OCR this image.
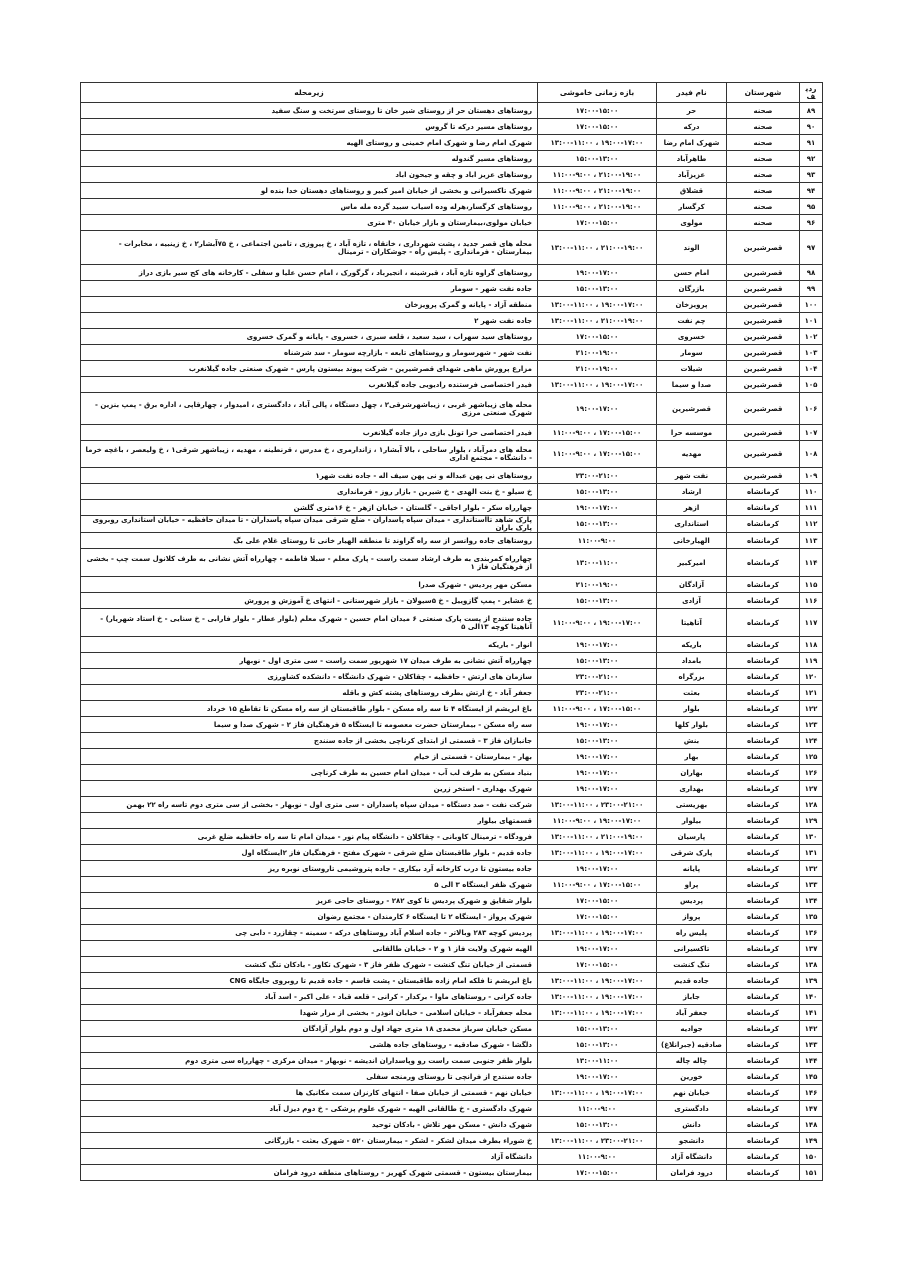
ردیف	شهرستان	نام فیدر	بازه زمانی خاموشی	زیرمحله
۸۹	صحنه	حر	۱۷:۰۰-۱۵:۰۰	روستاهای دهستان حر از روستای شیر خان تا روستای سرتخت و سنگ سفید
۹۰	صحنه	درکه	۱۷:۰۰-۱۵:۰۰	روستاهای مسیر درکه تا گروس
۹۱	صحنه	شهرک امام رضا	۱۹:۰۰-۱۷:۰۰ ، ۱۳:۰۰-۱۱:۰۰	شهرک امام رضا و شهرک امام خمینی و روستای الهیه
۹۲	صحنه	طاهرآباد	۱۵:۰۰-۱۳:۰۰	روستاهای مسیر گندوله
۹۳	صحنه	عزیزآباد	۲۱:۰۰-۱۹:۰۰ ، ۱۱:۰۰-۹:۰۰	روستاهای عزیز اباد و چقه و جیحون اباد
۹۴	صحنه	قشلاق	۲۱:۰۰-۱۹:۰۰ ، ۱۱:۰۰-۹:۰۰	شهرک تاکسیرانی و بخشی از خیابان امیر کبیر و روستاهای دهستان خدا بنده لو
۹۵	صحنه	کرگسار	۲۱:۰۰-۱۹:۰۰ ، ۱۱:۰۰-۹:۰۰	روستاهای کرگسار،هرله وده اسیاب سبید گرده مله ماس
۹۶	صحنه	مولوی	۱۷:۰۰-۱۵:۰۰	خیابان مولوی،بیمارستان و بازار خیابان ۴۰ متری
۹۷	قصرشیرین	الوند	۲۱:۰۰-۱۹:۰۰ ، ۱۳:۰۰-۱۱:۰۰	محله های قصر جدید ، پشت شهرداری ، خانقاه ، تازه آباد ، خ پیروزی ، تامین اجتماعی ، خ ۷۵آبشار۲ ، خ زینبیه ، مخابرات - بیمارستان - فرمانداری - پلیس راه - جوشکاران - ترمینال
۹۸	قصرشیرین	امام حسن	۱۹:۰۰-۱۷:۰۰	روستاهای گراوه تازه آباد ، قبرشینه ، انجیرباد ، گرگورک ، امام حسن علیا و سفلی - کارخانه های کج سیر بازی دراز
۹۹	قصرشیرین	بازرگان	۱۵:۰۰-۱۳:۰۰	جاده نفت شهر - سومار
۱۰۰	قصرشیرین	پرویزخان	۱۹:۰۰-۱۷:۰۰ ، ۱۳:۰۰-۱۱:۰۰	منطقه آزاد - پایانه و گمرک پرویزخان
۱۰۱	قصرشیرین	چم نفت	۲۱:۰۰-۱۹:۰۰ ، ۱۳:۰۰-۱۱:۰۰	جاده نفت شهر ۲
۱۰۲	قصرشیرین	خسروی	۱۷:۰۰-۱۵:۰۰	روستاهای سید سهراب ، سید سعید ، قلعه سبزی ، خسروی - پایانه و گمرک خسروی
۱۰۳	قصرشیرین	سومار	۲۱:۰۰-۱۹:۰۰	نفت شهر - شهرسومار و روستاهای تابعه - بازارچه سومار - سد شرشناه
۱۰۴	قصرشیرین	شیلات	۲۱:۰۰-۱۹:۰۰	مزارع پرورش ماهی شهدای قصرشیرین - شرکت پیوند بیستون پارس - شهرک صنعتی جاده گیلانغرب
۱۰۵	قصرشیرین	صدا و سیما	۱۹:۰۰-۱۷:۰۰ ، ۱۳:۰۰-۱۱:۰۰	فیدر اختصاصی فرستنده رادیویی جاده گیلانغرب
۱۰۶	قصرشیرین	قصرشیرین	۱۹:۰۰-۱۷:۰۰	محله های زیباشهر غربی ، زیباشهرشرقی۲ ، چهل دستگاه ، پالی آباد ، دادگستری ، امیدوار ، چهارقاپی ، اداره برق - پمپ بنزین - شهرک صنعتی مرزی
۱۰۷	قصرشیرین	موسسه حرا	۱۷:۰۰-۱۵:۰۰ ، ۱۱:۰۰-۹:۰۰	فیدر اختصاصی حرا تونل بازی دراز جاده گیلانغرب
۱۰۸	قصرشیرین	مهدیه	۱۷:۰۰-۱۵:۰۰ ، ۱۱:۰۰-۹:۰۰	محله های دمرآباد ، بلوار ساحلی ، بالا آبشار۱ ، زاندارمری ، خ مدرس ، قرنطینه ، مهدیه ، زیباشهر شرقی۱ ، خ ولیعصر ، باغچه خرما - دانشگاه - مجتمع اداری
۱۰۹	قصرشیرین	نفت شهر	۲۳:۰۰-۲۱:۰۰	روستاهای نی پهن عبداله و نی پهن سیف اله - جاده نفت شهر۱
۱۱۰	کرمانشاه	ارشاد	۱۵:۰۰-۱۳:۰۰	خ سیلو - خ بنت الهدی - خ شیرین - بازار روز - فرمانداری
۱۱۱	کرمانشاه	ازهر	۱۹:۰۰-۱۷:۰۰	چهارراه سکر - بلوار اجاقی - گلستان - خیابان ازهر - خ ۱۶متری گلشن
۱۱۲	کرمانشاه	استانداری	۱۵:۰۰-۱۳:۰۰	پارک شاهد تااستانداری - میدان سپاه پاسداران - ضلع شرقی میدان سپاه پاسداران - تا میدان حافظیه - خیابان استانداری روبروی پارک باران
۱۱۳	کرمانشاه	الهیارخانی	۱۱:۰۰-۹:۰۰	روستاهای جاده روانسر از سه راه گراوند تا منطقه الهیار خانی تا روستای غلام علی بگ
۱۱۴	کرمانشاه	امیرکبیر	۱۳:۰۰-۱۱:۰۰	چهارراه کمربندی به طرف ارشاد سمت راست - پارک معلم - سبلا فاطمه - چهارراه آتش نشانی به طرف کلانول سمت چپ - بخشی از فرهنگیان فاز ۱
۱۱۵	کرمانشاه	آزادگان	۲۱:۰۰-۱۹:۰۰	مسکن مهر پردیس - شهرک صدرا
۱۱۶	کرمانشاه	آزادی	۱۵:۰۰-۱۳:۰۰	خ عشایر - پمپ گازوییل - خ ۵سیولان - بازار شهرستانی - انتهای خ آموزش و پرورش
۱۱۷	کرمانشاه	آتاهیتا	۱۹:۰۰-۱۷:۰۰ ، ۱۱:۰۰-۹:۰۰	جاده سنندج از پست پارک صنعتی ۶ میدان امام حسین - شهرک معلم (بلوار عطار - بلوار فارابی - خ سنایی - خ استاد شهریار) - آناهیتا کوچه ۱۳الی ۵
۱۱۸	کرمانشاه	باریکه	۱۹:۰۰-۱۷:۰۰	انوار - باریکه
۱۱۹	کرمانشاه	بامداد	۱۵:۰۰-۱۳:۰۰	چهارراه آتش نشانی به طرف میدان ۱۷ شهریور سمت راست - سی متری اول - نوبهار
۱۲۰	کرمانشاه	بزرگراه	۲۳:۰۰-۲۱:۰۰	سازمان های ارتش - حافظیه - چقاکلان - شهرک دانشگاه - دانشکده کشاورزی
۱۲۱	کرمانشاه	بعثت	۲۳:۰۰-۲۱:۰۰	جعفر آباد - خ ارتش بطرف روستاهای پشته کش و باقله
۱۲۲	کرمانشاه	بلوار	۱۷:۰۰-۱۵:۰۰ ، ۱۱:۰۰-۹:۰۰	باغ ابریشم از ایستگاه ۴ تا سه راه مسکن - بلوار طاقبستان از سه راه مسکن تا تقاطع ۱۵ خرداد
۱۲۳	کرمانشاه	بلوار کلها	۱۹:۰۰-۱۷:۰۰	سه راه مسکن - بیمارستان حضرت معصومه تا ایستگاه ۵ فرهنگیان فاز ۲ - شهرک صدا و سیما
۱۲۴	کرمانشاه	بنش	۱۵:۰۰-۱۳:۰۰	جانبازان فاز ۳ - قسمتی از ابتدای کرناچی بخشی از جاده سنندج
۱۲۵	کرمانشاه	بهار	۱۹:۰۰-۱۷:۰۰	بهار - بیمارستان - قسمتی از خیام
۱۲۶	کرمانشاه	بهاران	۱۹:۰۰-۱۷:۰۰	بنیاد مسکن به طرف لب آب - میدان امام حسین به طرف کرناچی
۱۲۷	کرمانشاه	بهداری	۱۹:۰۰-۱۷:۰۰	شهرک بهداری - استخر زرین
۱۲۸	کرمانشاه	بهزیستی	۲۳:۰۰-۲۱:۰۰ ، ۱۳:۰۰-۱۱:۰۰	شرکت نفت - صد دستگاه - میدان سپاه پاسداران - سی متری اول - نوبهار - بخشی از سی متری دوم تاسه راه ۲۲ بهمن
۱۲۹	کرمانشاه	بیلوار	۱۹:۰۰-۱۷:۰۰ ، ۱۱:۰۰-۹:۰۰	قسمتهای بیلوار
۱۳۰	کرمانشاه	پارسیان	۲۱:۰۰-۱۹:۰۰ ، ۱۳:۰۰-۱۱:۰۰	فرودگاه - ترمینال کاوبانی - چقاکلان - دانشگاه پیام نور - میدان امام تا سه راه حافظیه ضلع غربی
۱۳۱	کرمانشاه	پارک شرقی	۱۹:۰۰-۱۷:۰۰ ، ۱۳:۰۰-۱۱:۰۰	جاده قدیم - بلوار طاقبستان ضلع شرقی - شهرک مفتح - فرهنگیان فاز ۲ایستگاه اول
۱۳۲	کرمانشاه	پایانه	۱۹:۰۰-۱۷:۰۰	جاده بیستون تا درب کارخانه آرد بیکاری - جاده پتروشیمی تاروستای نوبره ریز
۱۳۳	کرمانشاه	پراو	۱۷:۰۰-۱۵:۰۰ ، ۱۱:۰۰-۹:۰۰	شهرک ظفر ایستگاه ۳ الی ۵
۱۳۴	کرمانشاه	پردیس	۱۷:۰۰-۱۵:۰۰	بلوار شقایق و شهرک پردیس تا کوی ۲۸۲ - روستای حاجی عزیز
۱۳۵	کرمانشاه	پرواز	۱۷:۰۰-۱۵:۰۰	شهرک پرواز - ایستگاه ۲ تا ایستگاه ۶ کارمندان - مجتمع رضوان
۱۳۶	کرمانشاه	پلیس راه	۱۹:۰۰-۱۷:۰۰ ، ۱۳:۰۰-۱۱:۰۰	پردیس کوچه ۲۸۳ وبالاتر - جاده اسلام آباد روستاهای درکه - سمینه - چقازرد - دابی چی
۱۳۷	کرمانشاه	تاکسیرانی	۱۹:۰۰-۱۷:۰۰	الهیه شهرک ولایت فاز ۱ و ۲ - خیابان طالقانی
۱۳۸	کرمانشاه	تنگ کنشت	۱۷:۰۰-۱۵:۰۰	قسمتی از خیابان تنگ کنشت - شهرک ظفر فاز ۳ - شهرک تکاور - بادکان تنگ کنشت
۱۳۹	کرمانشاه	جاده قدیم	۱۹:۰۰-۱۷:۰۰ ، ۱۳:۰۰-۱۱:۰۰	باغ ابریشم تا فلکه امام زاده طاقبستان - پشت قاسم - جاده قدیم تا روبروی جایگاه CNG
۱۴۰	کرمانشاه	جاباز	۱۹:۰۰-۱۷:۰۰ ، ۱۳:۰۰-۱۱:۰۰	جاده کرانی - روستاهای ماوا - برکدار - کرانی - قلعه قباد - علی اکبر - اسد آباد
۱۴۱	کرمانشاه	جعفر آباد	۱۹:۰۰-۱۷:۰۰ ، ۱۳:۰۰-۱۱:۰۰	محله جعفرآباد - خیابان اسلامی - خیابان انوذر - بخشی از مزار شهدا
۱۴۲	کرمانشاه	جوادیه	۱۵:۰۰-۱۳:۰۰	مسکن خیابان سرباز محمدی ۱۸ متری جهاد اول و دوم بلوار آزادگان
۱۴۳	کرمانشاه	صادقیه (جبرانلاغ)	۱۵:۰۰-۱۳:۰۰	دلگشا - شهرک صادقیه - روستاهای جاده هلشی
۱۴۴	کرمانشاه	چاله چاله	۱۳:۰۰-۱۱:۰۰	بلوار ظفر جنوبی سمت راست رو وپاسداران اندیشه - نوبهار - میدان مرکزی - چهارراه سی متری دوم
۱۴۵	کرمانشاه	خورین	۱۹:۰۰-۱۷:۰۰	جاده سنندج از فرانچی تا روستای ورمنجه سفلی
۱۴۶	کرمانشاه	خیابان نهم	۱۹:۰۰-۱۷:۰۰ ، ۱۳:۰۰-۱۱:۰۰	خیابان نهم - قسمتی از خیابان صفا - انتهای کارنزان سمت مکانیک ها
۱۴۷	کرمانشاه	دادگستری	۱۱:۰۰-۹:۰۰	شهرک دادگستری - خ طالقانی الهیه - شهرک علوم پزشکی - خ دوم دیزل آباد
۱۴۸	کرمانشاه	دانش	۱۵:۰۰-۱۳:۰۰	شهرک دانش - مسکن مهر تلاش - بادکان توحید
۱۴۹	کرمانشاه	دانشجو	۲۳:۰۰-۲۱:۰۰ ، ۱۳:۰۰-۱۱:۰۰	خ شوراء بطرف میدان لشکر - لشکر - بیمارستان ۵۲۰ - شهرک بعثت - بازرگانی
۱۵۰	کرمانشاه	دانشگاه آزاد	۱۱:۰۰-۹:۰۰	دانشگاه آزاد
۱۵۱	کرمانشاه	درود فرامان	۱۷:۰۰-۱۵:۰۰	بیمارستان بیستون - قسمتی شهرک کهریز - روستاهای منطقه درود فرامان
